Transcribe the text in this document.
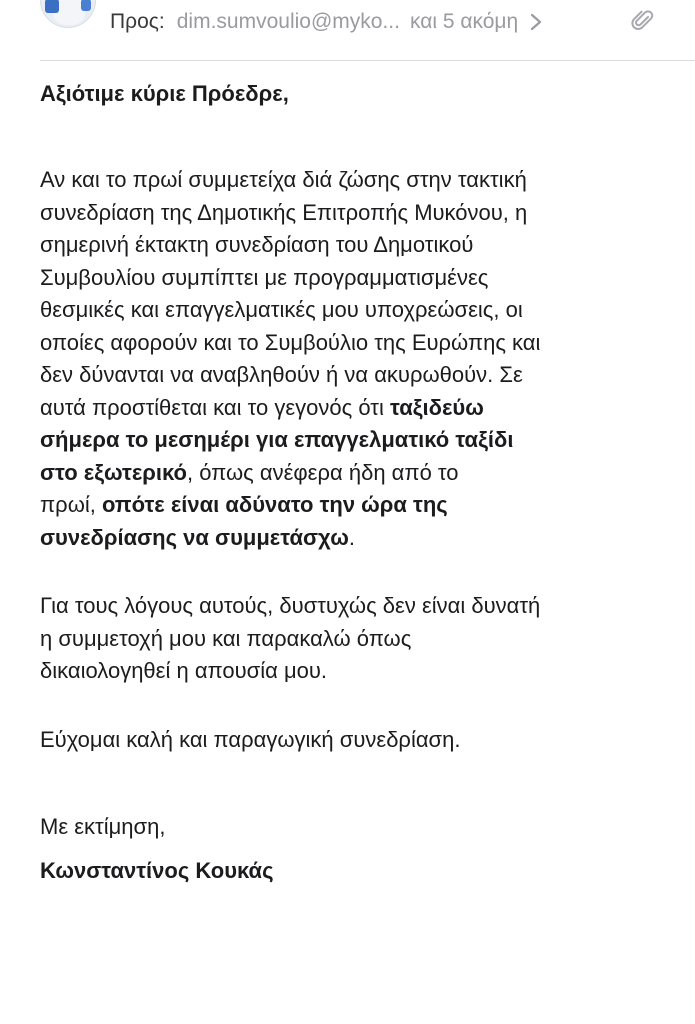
Προς: dim.sumvoulio@myko... και 5 ακόμη
Αξιότιμε κύριε Πρόεδρε,
Αν και το πρωί συμμετείχα διά ζώσης στην τακτική
συνεδρίαση της Δημοτικής Επιτροπής Μυκόνου, η
σημερινή έκτακτη συνεδρίαση του Δημοτικού
Συμβουλίου συμπίπτει με προγραμματισμένες
θεσμικές και επαγγελματικές μου υποχρεώσεις, οι
οποίες αφορούν και το Συμβούλιο της Ευρώπης και
δεν δύνανται να αναβληθούν ή να ακυρωθούν. Σε
αυτά προστίθεται και το γεγονός ότι ταξιδεύω
σήμερα το μεσημέρι για επαγγελματικό ταξίδι
στο εξωτερικό, όπως ανέφερα ήδη από το
πρωί, οπότε είναι αδύνατο την ώρα της
συνεδρίασης να συμμετάσχω.
Για τους λόγους αυτούς, δυστυχώς δεν είναι δυνατή
η συμμετοχή μου και παρακαλώ όπως
δικαιολογηθεί η απουσία μου.
Εύχομαι καλή και παραγωγική συνεδρίαση.
Με εκτίμηση,
Κωνσταντίνος Κουκάς
